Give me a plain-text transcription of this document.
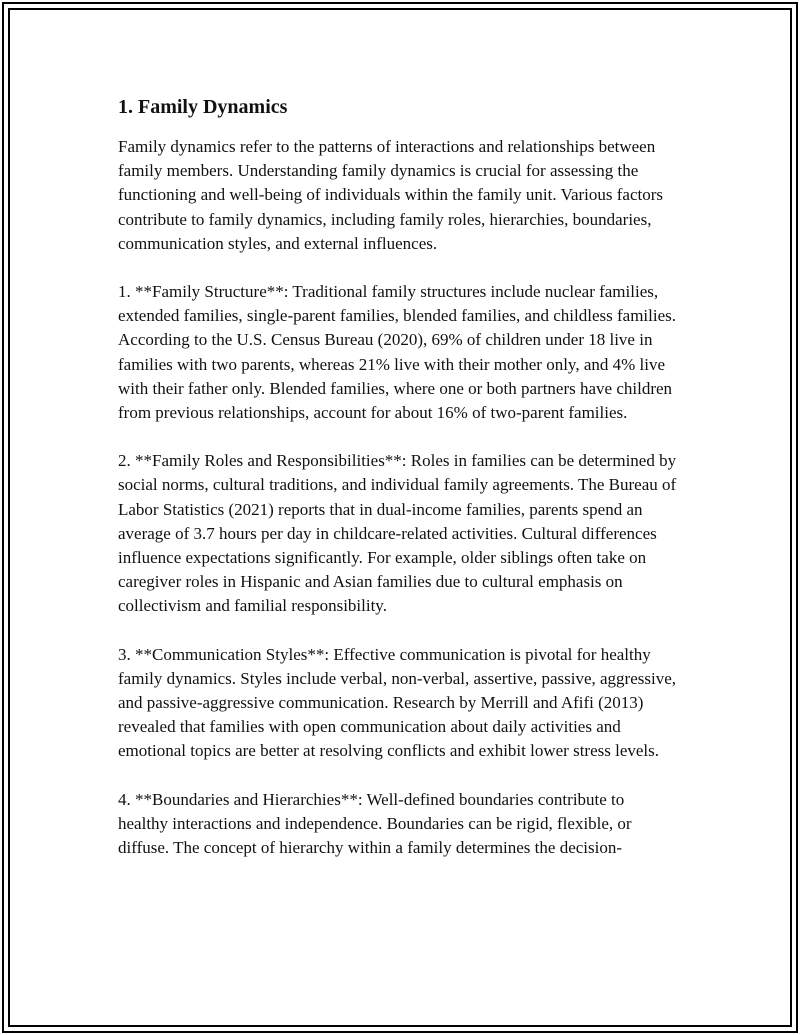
1. Family Dynamics

Family dynamics refer to the patterns of interactions and relationships between family members. Understanding family dynamics is crucial for assessing the functioning and well-being of individuals within the family unit. Various factors contribute to family dynamics, including family roles, hierarchies, boundaries, communication styles, and external influences.

1. **Family Structure**: Traditional family structures include nuclear families, extended families, single-parent families, blended families, and childless families. According to the U.S. Census Bureau (2020), 69% of children under 18 live in families with two parents, whereas 21% live with their mother only, and 4% live with their father only. Blended families, where one or both partners have children from previous relationships, account for about 16% of two-parent families.

2. **Family Roles and Responsibilities**: Roles in families can be determined by social norms, cultural traditions, and individual family agreements. The Bureau of Labor Statistics (2021) reports that in dual-income families, parents spend an average of 3.7 hours per day in childcare-related activities. Cultural differences influence expectations significantly. For example, older siblings often take on caregiver roles in Hispanic and Asian families due to cultural emphasis on collectivism and familial responsibility.

3. **Communication Styles**: Effective communication is pivotal for healthy family dynamics. Styles include verbal, non-verbal, assertive, passive, aggressive, and passive-aggressive communication. Research by Merrill and Afifi (2013) revealed that families with open communication about daily activities and emotional topics are better at resolving conflicts and exhibit lower stress levels.

4. **Boundaries and Hierarchies**: Well-defined boundaries contribute to healthy interactions and independence. Boundaries can be rigid, flexible, or diffuse. The concept of hierarchy within a family determines the decision-
